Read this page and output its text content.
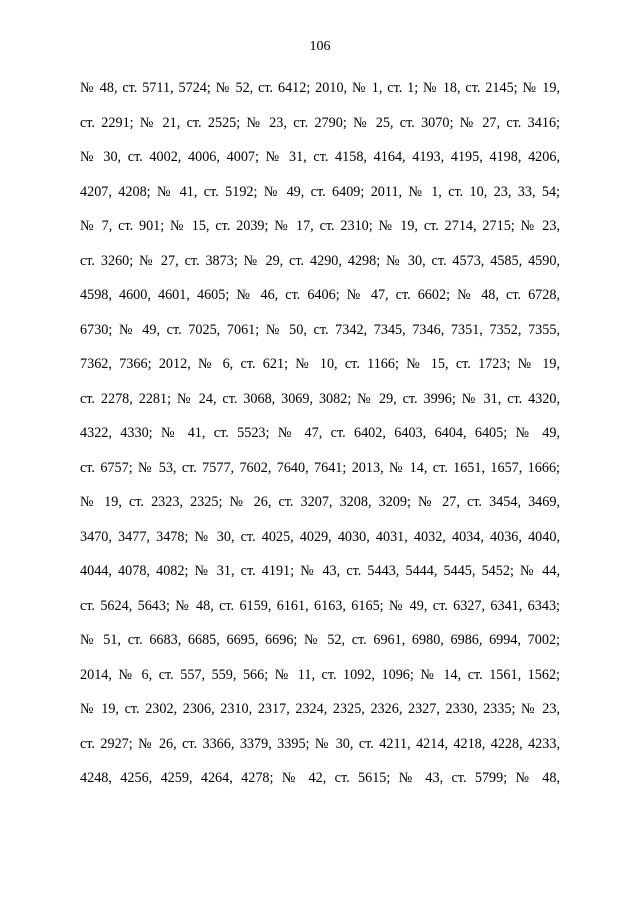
106
№ 48, ст. 5711, 5724; № 52, ст. 6412; 2010, № 1, ст. 1; № 18, ст. 2145; № 19,
ст. 2291; № 21, ст. 2525; № 23, ст. 2790; № 25, ст. 3070; № 27, ст. 3416;
№ 30, ст. 4002, 4006, 4007; № 31, ст. 4158, 4164, 4193, 4195, 4198, 4206,
4207, 4208; № 41, ст. 5192; № 49, ст. 6409; 2011, № 1, ст. 10, 23, 33, 54;
№ 7, ст. 901; № 15, ст. 2039; № 17, ст. 2310; № 19, ст. 2714, 2715; № 23,
ст. 3260; № 27, ст. 3873; № 29, ст. 4290, 4298; № 30, ст. 4573, 4585, 4590,
4598, 4600, 4601, 4605; № 46, ст. 6406; № 47, ст. 6602; № 48, ст. 6728,
6730; № 49, ст. 7025, 7061; № 50, ст. 7342, 7345, 7346, 7351, 7352, 7355,
7362, 7366; 2012, № 6, ст. 621; № 10, ст. 1166; № 15, ст. 1723; № 19,
ст. 2278, 2281; № 24, ст. 3068, 3069, 3082; № 29, ст. 3996; № 31, ст. 4320,
4322, 4330; № 41, ст. 5523; № 47, ст. 6402, 6403, 6404, 6405; № 49,
ст. 6757; № 53, ст. 7577, 7602, 7640, 7641; 2013, № 14, ст. 1651, 1657, 1666;
№ 19, ст. 2323, 2325; № 26, ст. 3207, 3208, 3209; № 27, ст. 3454, 3469,
3470, 3477, 3478; № 30, ст. 4025, 4029, 4030, 4031, 4032, 4034, 4036, 4040,
4044, 4078, 4082; № 31, ст. 4191; № 43, ст. 5443, 5444, 5445, 5452; № 44,
ст. 5624, 5643; № 48, ст. 6159, 6161, 6163, 6165; № 49, ст. 6327, 6341, 6343;
№ 51, ст. 6683, 6685, 6695, 6696; № 52, ст. 6961, 6980, 6986, 6994, 7002;
2014, № 6, ст. 557, 559, 566; № 11, ст. 1092, 1096; № 14, ст. 1561, 1562;
№ 19, ст. 2302, 2306, 2310, 2317, 2324, 2325, 2326, 2327, 2330, 2335; № 23,
ст. 2927; № 26, ст. 3366, 3379, 3395; № 30, ст. 4211, 4214, 4218, 4228, 4233,
4248, 4256, 4259, 4264, 4278; № 42, ст. 5615; № 43, ст. 5799; № 48,
